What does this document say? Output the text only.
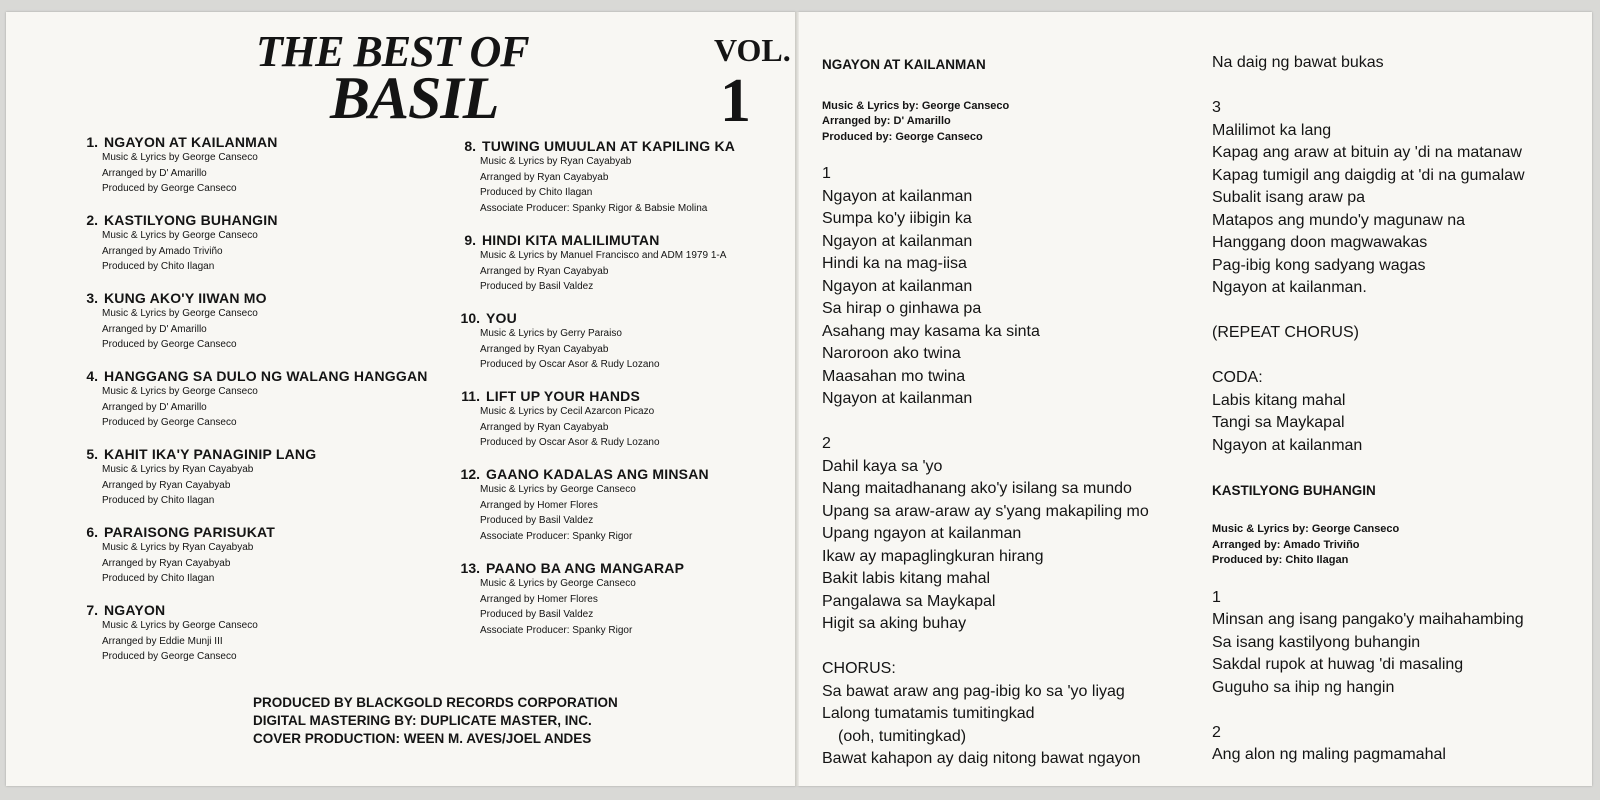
THE BEST OF
BASIL
VOL.
1
1. NGAYON AT KAILANMAN
Music & Lyrics by George Canseco
Arranged by D' Amarillo
Produced by George Canseco
2. KASTILYONG BUHANGIN
Music & Lyrics by George Canseco
Arranged by Amado Triviño
Produced by Chito Ilagan
3. KUNG AKO'Y IIWAN MO
Music & Lyrics by George Canseco
Arranged by D' Amarillo
Produced by George Canseco
4. HANGGANG SA DULO NG WALANG HANGGAN
Music & Lyrics by George Canseco
Arranged by D' Amarillo
Produced by George Canseco
5. KAHIT IKA'Y PANAGINIP LANG
Music & Lyrics by Ryan Cayabyab
Arranged by Ryan Cayabyab
Produced by Chito Ilagan
6. PARAISONG PARISUKAT
Music & Lyrics by Ryan Cayabyab
Arranged by Ryan Cayabyab
Produced by Chito Ilagan
7. NGAYON
Music & Lyrics by George Canseco
Arranged by Eddie Munji III
Produced by George Canseco
8. TUWING UMUULAN AT KAPILING KA
Music & Lyrics by Ryan Cayabyab
Arranged by Ryan Cayabyab
Produced by Chito Ilagan
Associate Producer: Spanky Rigor & Babsie Molina
9. HINDI KITA MALILIMUTAN
Music & Lyrics by Manuel Francisco and ADM 1979 1-A
Arranged by Ryan Cayabyab
Produced by Basil Valdez
10. YOU
Music & Lyrics by Gerry Paraiso
Arranged by Ryan Cayabyab
Produced by Oscar Asor & Rudy Lozano
11. LIFT UP YOUR HANDS
Music & Lyrics by Cecil Azarcon Picazo
Arranged by Ryan Cayabyab
Produced by Oscar Asor & Rudy Lozano
12. GAANO KADALAS ANG MINSAN
Music & Lyrics by George Canseco
Arranged by Homer Flores
Produced by Basil Valdez
Associate Producer: Spanky Rigor
13. PAANO BA ANG MANGARAP
Music & Lyrics by George Canseco
Arranged by Homer Flores
Produced by Basil Valdez
Associate Producer: Spanky Rigor
PRODUCED BY BLACKGOLD RECORDS CORPORATION
DIGITAL MASTERING BY: DUPLICATE MASTER, INC.
COVER PRODUCTION: WEEN M. AVES/JOEL ANDES
NGAYON AT KAILANMAN
Music & Lyrics by: George Canseco
Arranged by: D' Amarillo
Produced by: George Canseco
1
Ngayon at kailanman
Sumpa ko'y iibigin ka
Ngayon at kailanman
Hindi ka na mag-iisa
Ngayon at kailanman
Sa hirap o ginhawa pa
Asahang may kasama ka sinta
Naroroon ako twina
Maasahan mo twina
Ngayon at kailanman
2
Dahil kaya sa 'yo
Nang maitadhanang ako'y isilang sa mundo
Upang sa araw-araw ay s'yang makapiling mo
Upang ngayon at kailanman
Ikaw ay mapaglingkuran hirang
Bakit labis kitang mahal
Pangalawa sa Maykapal
Higit sa aking buhay
CHORUS:
Sa bawat araw ang pag-ibig ko sa 'yo liyag
Lalong tumatamis tumitingkad
(ooh, tumitingkad)
Bawat kahapon ay daig nitong bawat ngayon
Na daig ng bawat bukas
3
Malilimot ka lang
Kapag ang araw at bituin ay 'di na matanaw
Kapag tumigil ang daigdig at 'di na gumalaw
Subalit isang araw pa
Matapos ang mundo'y magunaw na
Hanggang doon magwawakas
Pag-ibig kong sadyang wagas
Ngayon at kailanman.
(REPEAT CHORUS)
CODA:
Labis kitang mahal
Tangi sa Maykapal
Ngayon at kailanman
KASTILYONG BUHANGIN
Music & Lyrics by: George Canseco
Arranged by: Amado Triviño
Produced by: Chito Ilagan
1
Minsan ang isang pangako'y maihahambing
Sa isang kastilyong buhangin
Sakdal rupok at huwag 'di masaling
Guguho sa ihip ng hangin
2
Ang alon ng maling pagmamahal
